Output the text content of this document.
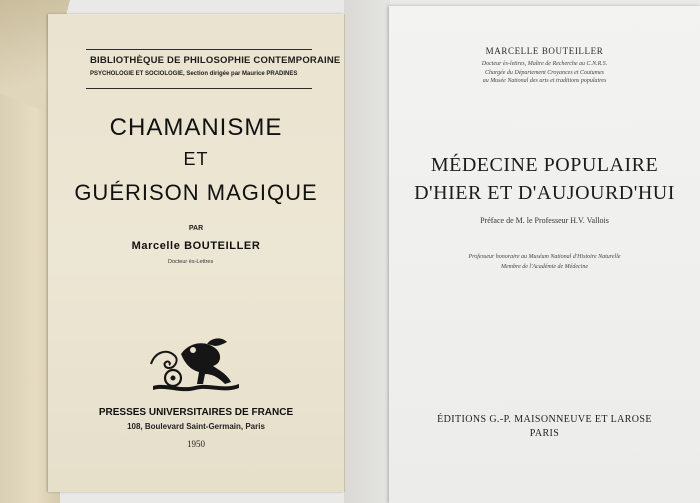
BIBLIOTHÈQUE DE PHILOSOPHIE CONTEMPORAINE
PSYCHOLOGIE ET SOCIOLOGIE, Section dirigée par Maurice PRADINES
CHAMANISME
ET
GUÉRISON MAGIQUE
PAR
Marcelle BOUTEILLER
Docteur ès-Lettres
PRESSES UNIVERSITAIRES DE FRANCE
108, Boulevard Saint-Germain, Paris
1950
MARCELLE BOUTEILLER
Docteur ès-lettres, Maître de Recherche au C.N.R.S.
Chargée du Département Croyances et Coutumes
au Musée National des arts et traditions populaires
MÉDECINE POPULAIRE
D'HIER ET D'AUJOURD'HUI
Préface de M. le Professeur H.V. Vallois
Professeur honoraire au Muséum National d'Histoire Naturelle
Membre de l'Académie de Médecine
ÉDITIONS G.-P. MAISONNEUVE ET LAROSE
PARIS
